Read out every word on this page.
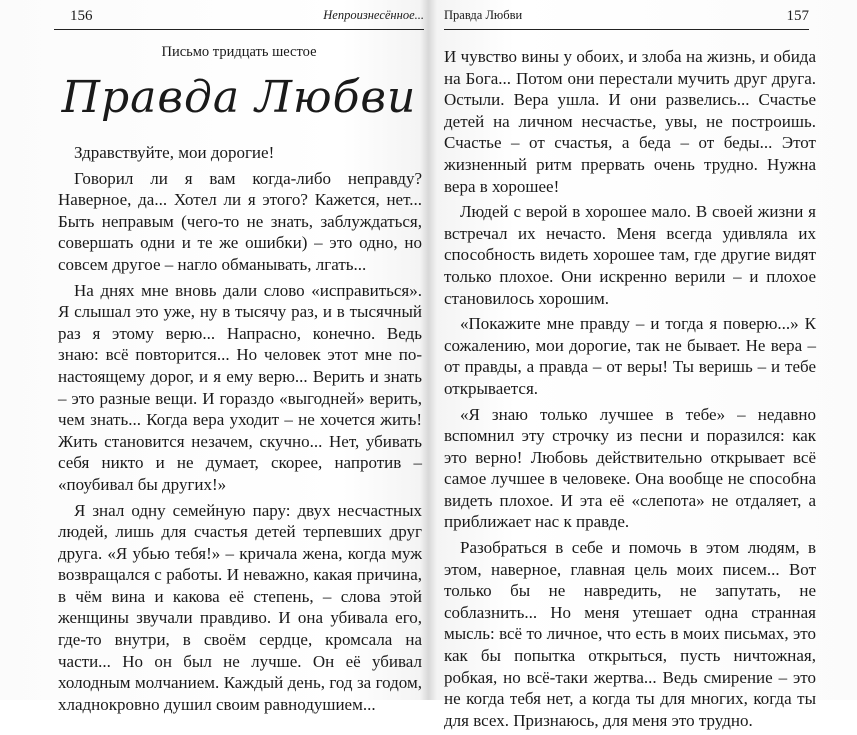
156	Непроизнесённое...
Письмо тридцать шестое
Правда Любви

Здравствуйте, мои дорогие!

Говорил ли я вам когда-либо неправду? Наверное, да... Хотел ли я этого? Кажется, нет... Быть неправым (чего-то не знать, заблуждаться, совершать одни и те же ошибки) – это одно, но совсем другое – нагло обманывать, лгать...

На днях мне вновь дали слово «исправиться». Я слышал это уже, ну в тысячу раз, и в тысячный раз я этому верю... Напрасно, конечно. Ведь знаю: всё повторится... Но человек этот мне по-настоящему дорог, и я ему верю... Верить и знать – это разные вещи. И гораздо «выгодней» верить, чем знать... Когда вера уходит – не хочется жить! Жить становится незачем, скучно... Нет, убивать себя никто и не думает, скорее, напротив – «поубивал бы других!»

Я знал одну семейную пару: двух несчастных людей, лишь для счастья детей терпевших друг друга. «Я убью тебя!» – кричала жена, когда муж возвращался с работы. И неважно, какая причина, в чём вина и какова её степень, – слова этой женщины звучали правдиво. И она убивала его, где-то внутри, в своём сердце, кромсала на части... Но он был не лучше. Он её убивал холодным молчанием. Каждый день, год за годом, хладнокровно душил своим равнодушием...

Правда Любви	157

И чувство вины у обоих, и злоба на жизнь, и обида на Бога... Потом они перестали мучить друг друга. Остыли. Вера ушла. И они развелись... Счастье детей на личном несчастье, увы, не построишь. Счастье – от счастья, а беда – от беды... Этот жизненный ритм прервать очень трудно. Нужна вера в хорошее!

Людей с верой в хорошее мало. В своей жизни я встречал их нечасто. Меня всегда удивляла их способность видеть хорошее там, где другие видят только плохое. Они искренно верили – и плохое становилось хорошим.

«Покажите мне правду – и тогда я поверю...» К сожалению, мои дорогие, так не бывает. Не вера – от правды, а правда – от веры! Ты веришь – и тебе открывается.

«Я знаю только лучшее в тебе» – недавно вспомнил эту строчку из песни и поразился: как это верно! Любовь действительно открывает всё самое лучшее в человеке. Она вообще не способна видеть плохое. И эта её «слепота» не отдаляет, а приближает нас к правде.

Разобраться в себе и помочь в этом людям, в этом, наверное, главная цель моих писем... Вот только бы не навредить, не запутать, не соблазнить... Но меня утешает одна странная мысль: всё то личное, что есть в моих письмах, это как бы попытка открыться, пусть ничтожная, робкая, но всё-таки жертва... Ведь смирение – это не когда тебя нет, а когда ты для многих, когда ты для всех. Признаюсь, для меня это трудно.
